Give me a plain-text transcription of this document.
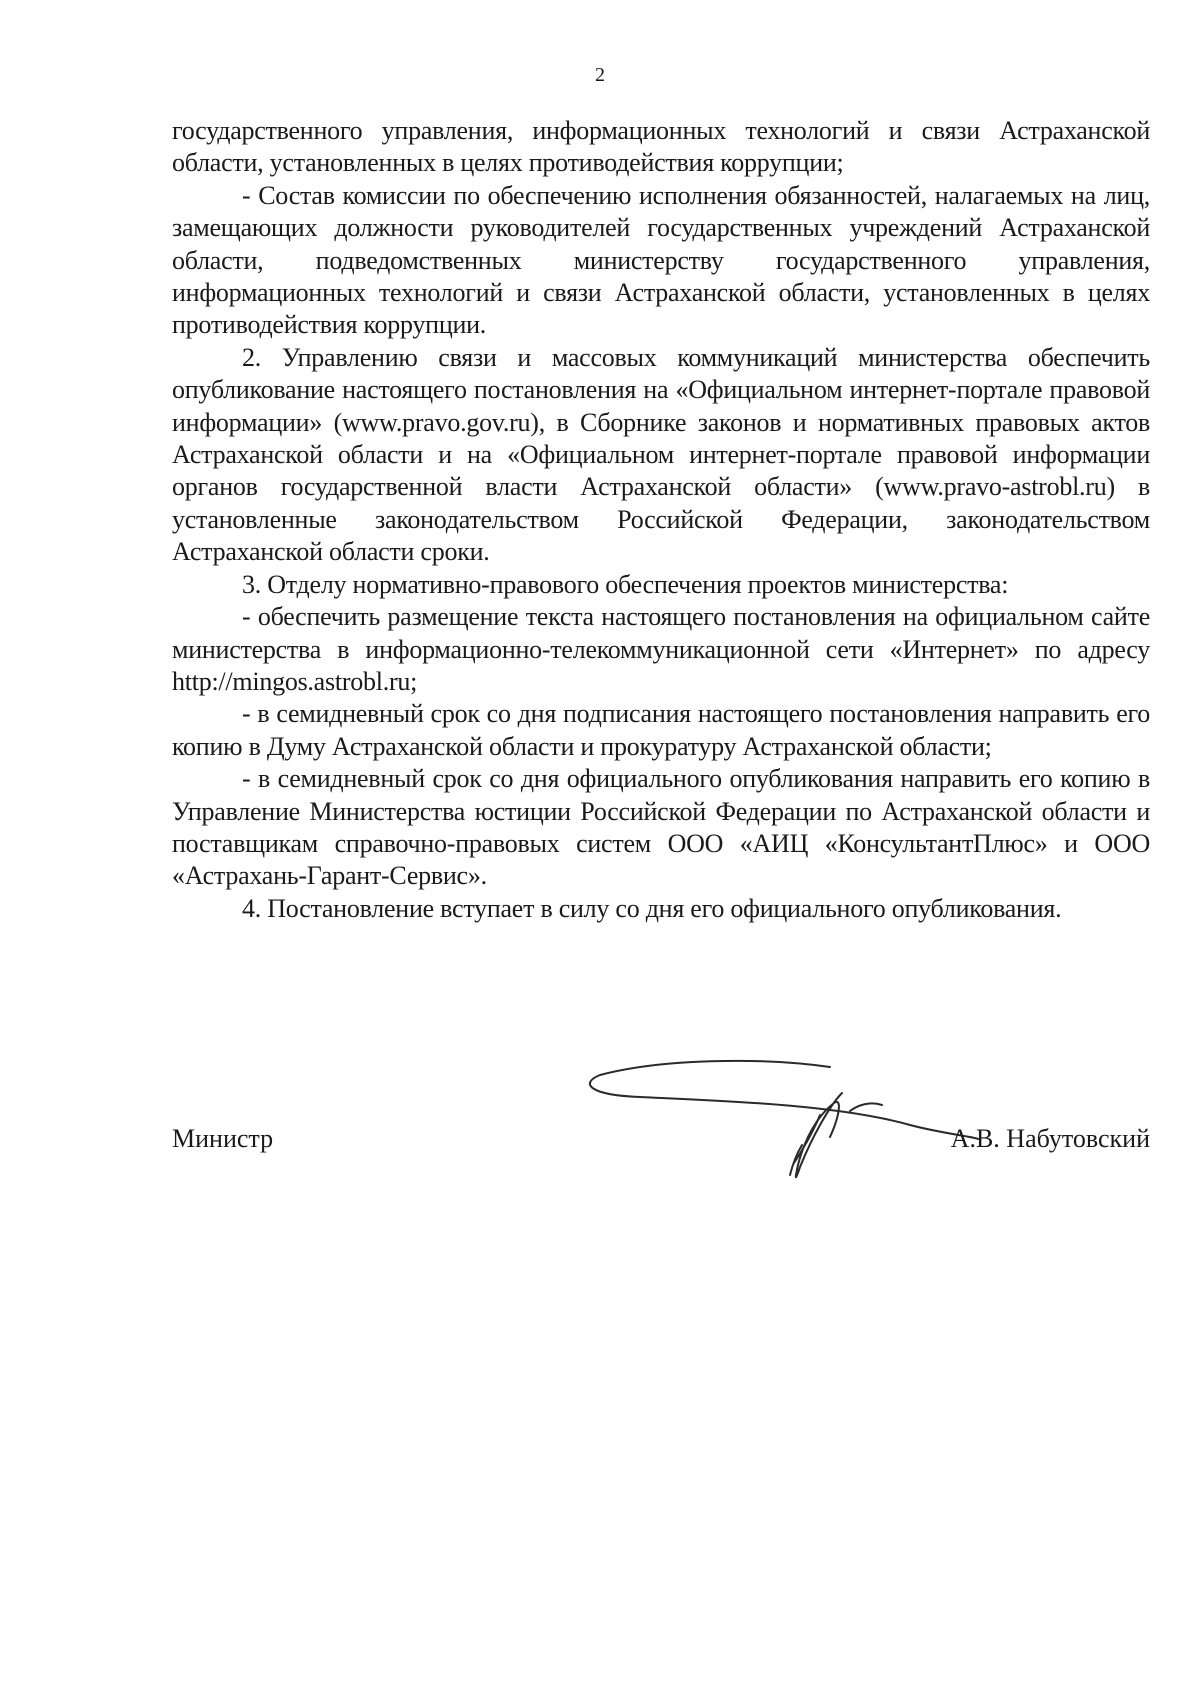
2

государственного управления, информационных технологий и связи Астраханской области, установленных в целях противодействия коррупции;

- Состав комиссии по обеспечению исполнения обязанностей, налагаемых на лиц, замещающих должности руководителей государственных учреждений Астраханской области, подведомственных министерству государственного управления, информационных технологий и связи Астраханской области, установленных в целях противодействия коррупции.

2. Управлению связи и массовых коммуникаций министерства обеспечить опубликование настоящего постановления на «Официальном интернет-портале правовой информации» (www.pravo.gov.ru), в Сборнике законов и нормативных правовых актов Астраханской области и на «Официальном интернет-портале правовой информации органов государственной власти Астраханской области» (www.pravo-astrobl.ru) в установленные законодательством Российской Федерации, законодательством Астраханской области сроки.

3. Отделу нормативно-правового обеспечения проектов министерства:

- обеспечить размещение текста настоящего постановления на официальном сайте министерства в информационно-телекоммуникационной сети «Интернет» по адресу http://mingos.astrobl.ru;

- в семидневный срок со дня подписания настоящего постановления направить его копию в Думу Астраханской области и прокуратуру Астраханской области;

- в семидневный срок со дня официального опубликования направить его копию в Управление Министерства юстиции Российской Федерации по Астраханской области и поставщикам справочно-правовых систем ООО «АИЦ «КонсультантПлюс» и ООО «Астрахань-Гарант-Сервис».

4. Постановление вступает в силу со дня его официального опубликования.

Министр	А.В. Набутовский
